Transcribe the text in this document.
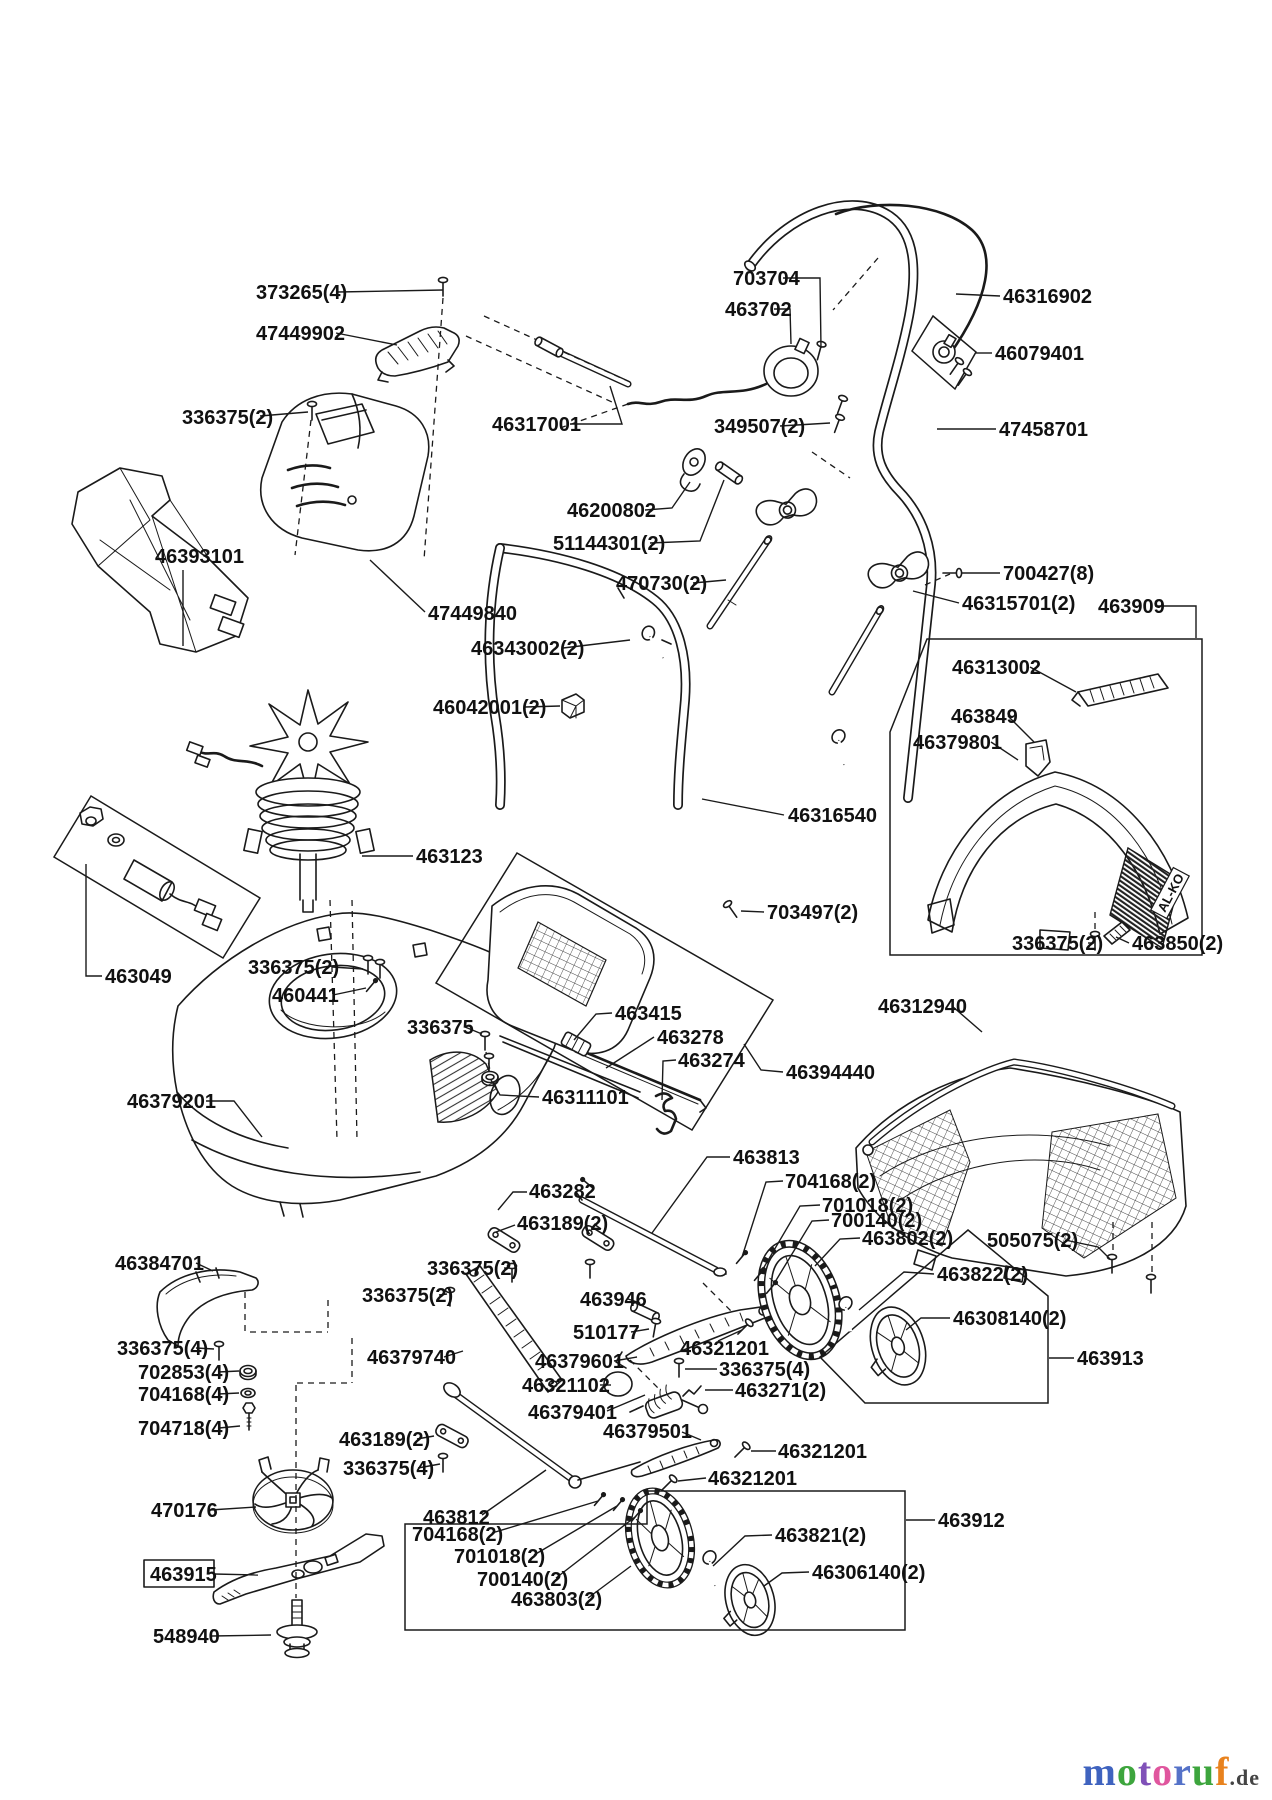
AL-KO
373265(4)
47449902
336375(2)
46393101
47449840
46317001
703704
463702
46316902
46079401
349507(2)	47458701
46200802
51144301(2)
470730(2)	700427(8)
46315701(2) 463909
46343002(2)
46042001(2)
46313002
463849
46379801
46316540
703497(2)
463123
463049	336375(2)
460441
336375
463415
463278
463274
46394440
46311101
46312940
336375(2) 463850(2)
46379201
463813
463282
463189(2)
704168(2)
701018(2)
700140(2)
463802(2) 505075(2)
463822(2)
46308140(2)
463913
336375(2)
336375(2)	463946
510177
46379601
46321201
336375(4)
463271(2)
46321102
46379401
46379501
46321201
46321201
46384701
336375(4)
702853(4)
704168(4)
704718(4)
46379740
463189(2)
336375(4)
470176
463915
548940
463812
704168(2)
701018(2)
700140(2)
463803(2)
463821(2)
46306140(2)
463912
motoruf.de
